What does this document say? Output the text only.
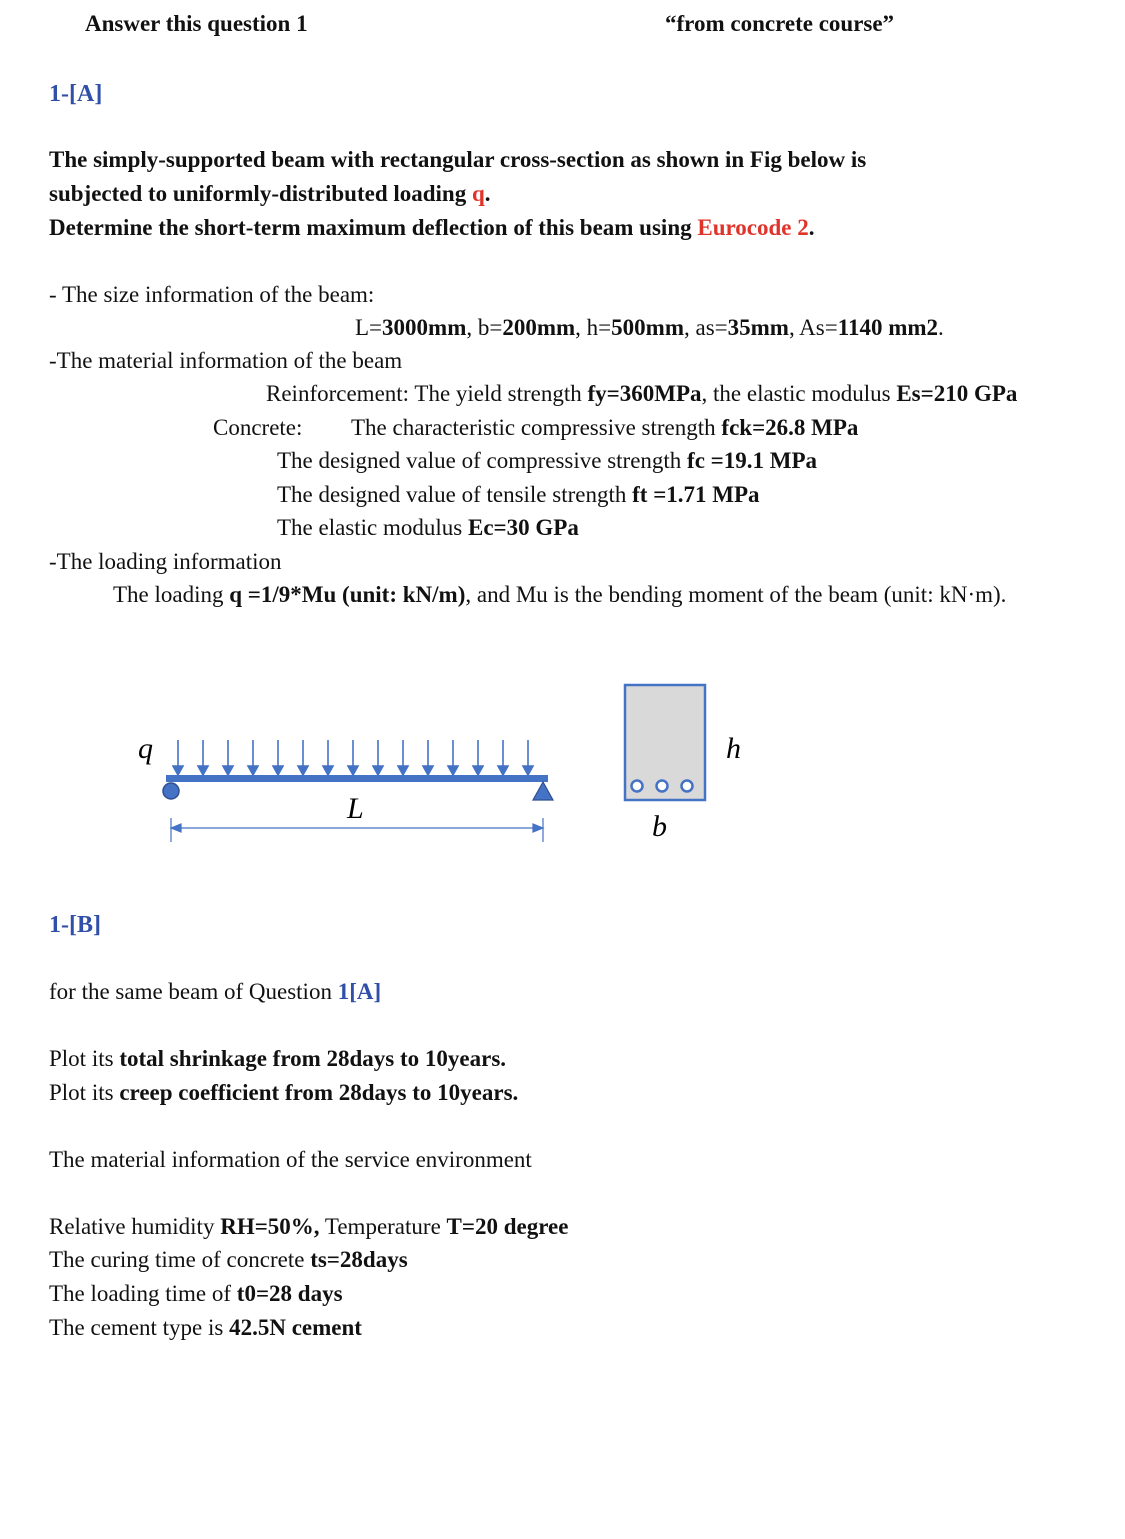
Answer this question 1	“from concrete course”
1-[A]
The simply-supported beam with rectangular cross-section as shown in Fig below is
subjected to uniformly-distributed loading q.
Determine the short-term maximum deflection of this beam using Eurocode 2.
- The size information of the beam:
L=3000mm, b=200mm, h=500mm, as=35mm, As=1140 mm2.
-The material information of the beam
Reinforcement: The yield strength fy=360MPa, the elastic modulus Es=210 GPa
Concrete: The characteristic compressive strength fck=26.8 MPa
The designed value of compressive strength fc =19.1 MPa
The designed value of tensile strength ft =1.71 MPa
The elastic modulus Ec=30 GPa
-The loading information
The loading q =1/9*Mu (unit: kN/m), and Mu is the bending moment of the beam (unit: kN·m).
q
L
h
b
1-[B]
for the same beam of Question 1[A]
Plot its total shrinkage from 28days to 10years.
Plot its creep coefficient from 28days to 10years.
The material information of the service environment
Relative humidity RH=50%, Temperature T=20 degree
The curing time of concrete ts=28days
The loading time of t0=28 days
The cement type is 42.5N cement
